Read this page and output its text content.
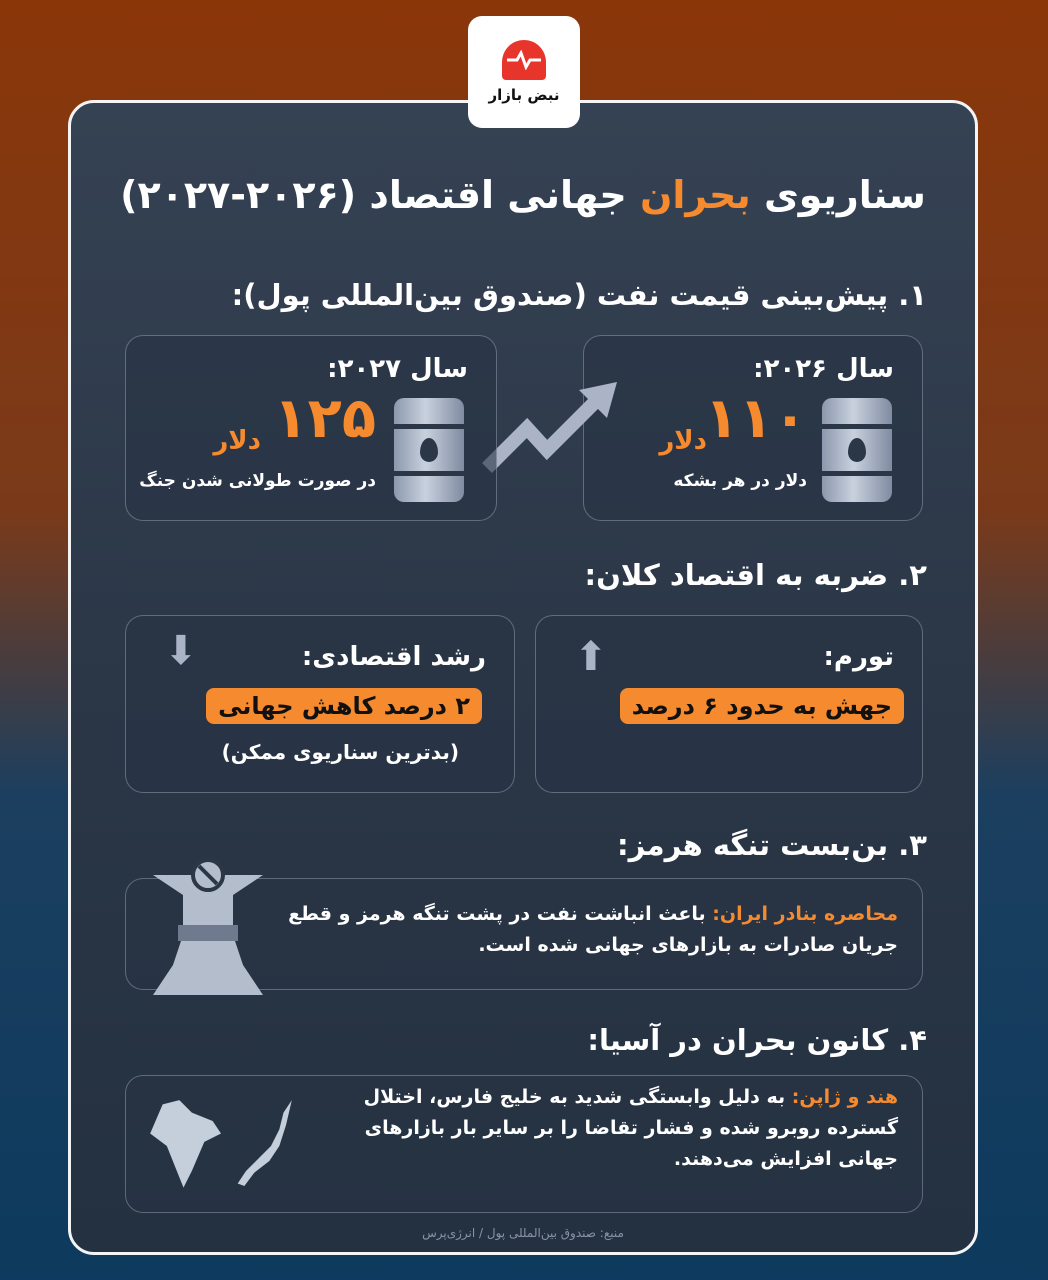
نبض بازار
سناریوی بحران جهانی اقتصاد (۲۰۲۶-۲۰۲۷)
۱. پیش‌بینی قیمت نفت (صندوق بین‌المللی پول):
سال ۲۰۲۶:
۱۱۰
دلار
دلار در هر بشکه
سال ۲۰۲۷:
۱۲۵
دلار
در صورت طولانی شدن جنگ
۲. ضربه به اقتصاد کلان:
تورم:
⬆
جهش به حدود ۶ درصد
رشد اقتصادی:
⬇
۲ درصد کاهش جهانی
(بدترین سناریوی ممکن)
۳. بن‌بست تنگه هرمز:
محاصره بنادر ایران: باعث انباشت نفت در پشت تنگه هرمز و قطع جریان صادرات به بازارهای جهانی شده است.
۴. کانون بحران در آسیا:
هند و ژاپن: به دلیل وابستگی شدید به خلیج فارس، اختلال گسترده روبرو شده و فشار تقاضا را بر سایر بار بازارهای جهانی افزایش می‌دهند.
منبع: صندوق بین‌المللی پول / انرژی‌پرس
